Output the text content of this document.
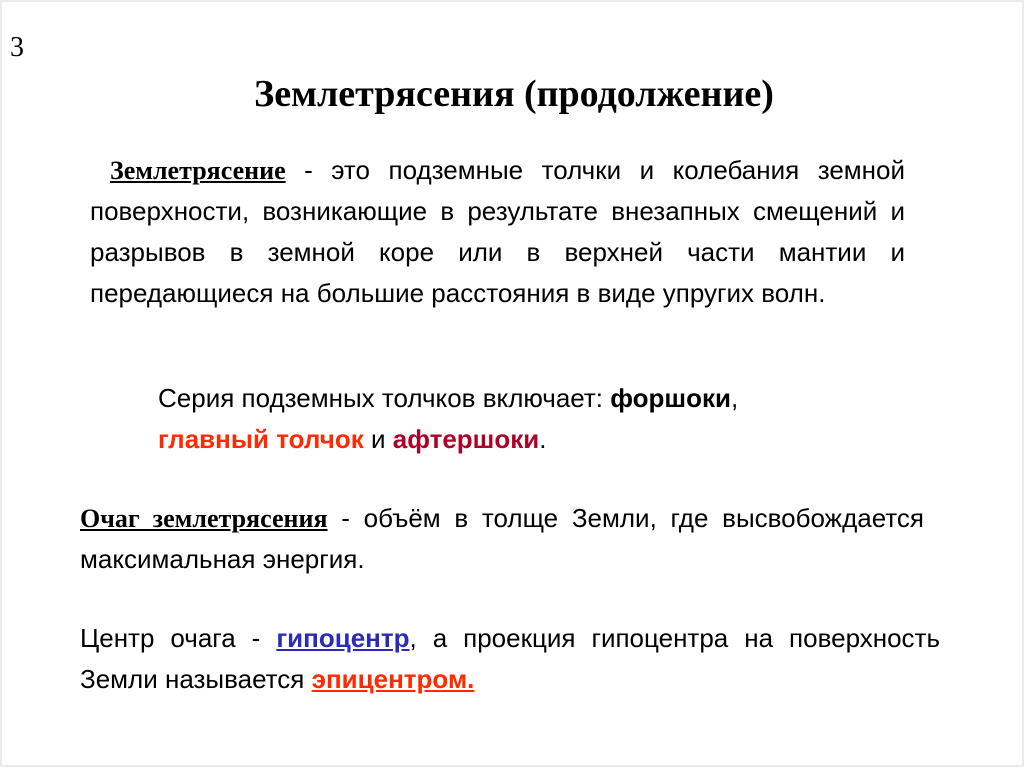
3
Землетрясения (продолжение)
Землетрясение - это подземные толчки и колебания земной поверхности, возникающие в результате внезапных смещений и разрывов в земной коре или в верхней части мантии и передающиеся на большие расстояния в виде упругих волн.
Серия подземных толчков включает: форшоки,
главный толчок и афтершоки.
Очаг землетрясения - объём в толще Земли, где высвобождается максимальная энергия.
Центр очага - гипоцентр, а проекция гипоцентра на поверхность Земли называется эпицентром.
